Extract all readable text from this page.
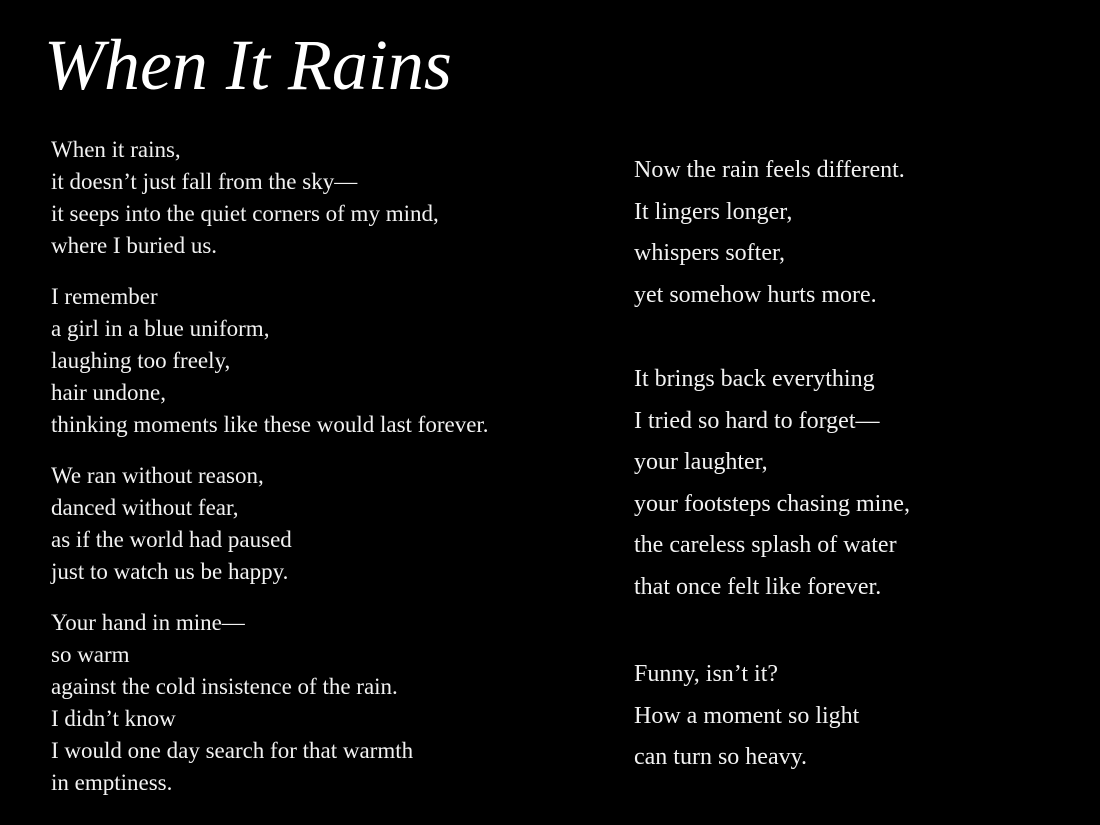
When It Rains
When it rains,
it doesn’t just fall from the sky—
it seeps into the quiet corners of my mind,
where I buried us.
I remember
a girl in a blue uniform,
laughing too freely,
hair undone,
thinking moments like these would last forever.
We ran without reason,
danced without fear,
as if the world had paused
just to watch us be happy.
Your hand in mine—
so warm
against the cold insistence of the rain.
I didn’t know
I would one day search for that warmth
in emptiness.
Now the rain feels different.
It lingers longer,
whispers softer,
yet somehow hurts more.
It brings back everything
I tried so hard to forget—
your laughter,
your footsteps chasing mine,
the careless splash of water
that once felt like forever.
Funny, isn’t it?
How a moment so light
can turn so heavy.
